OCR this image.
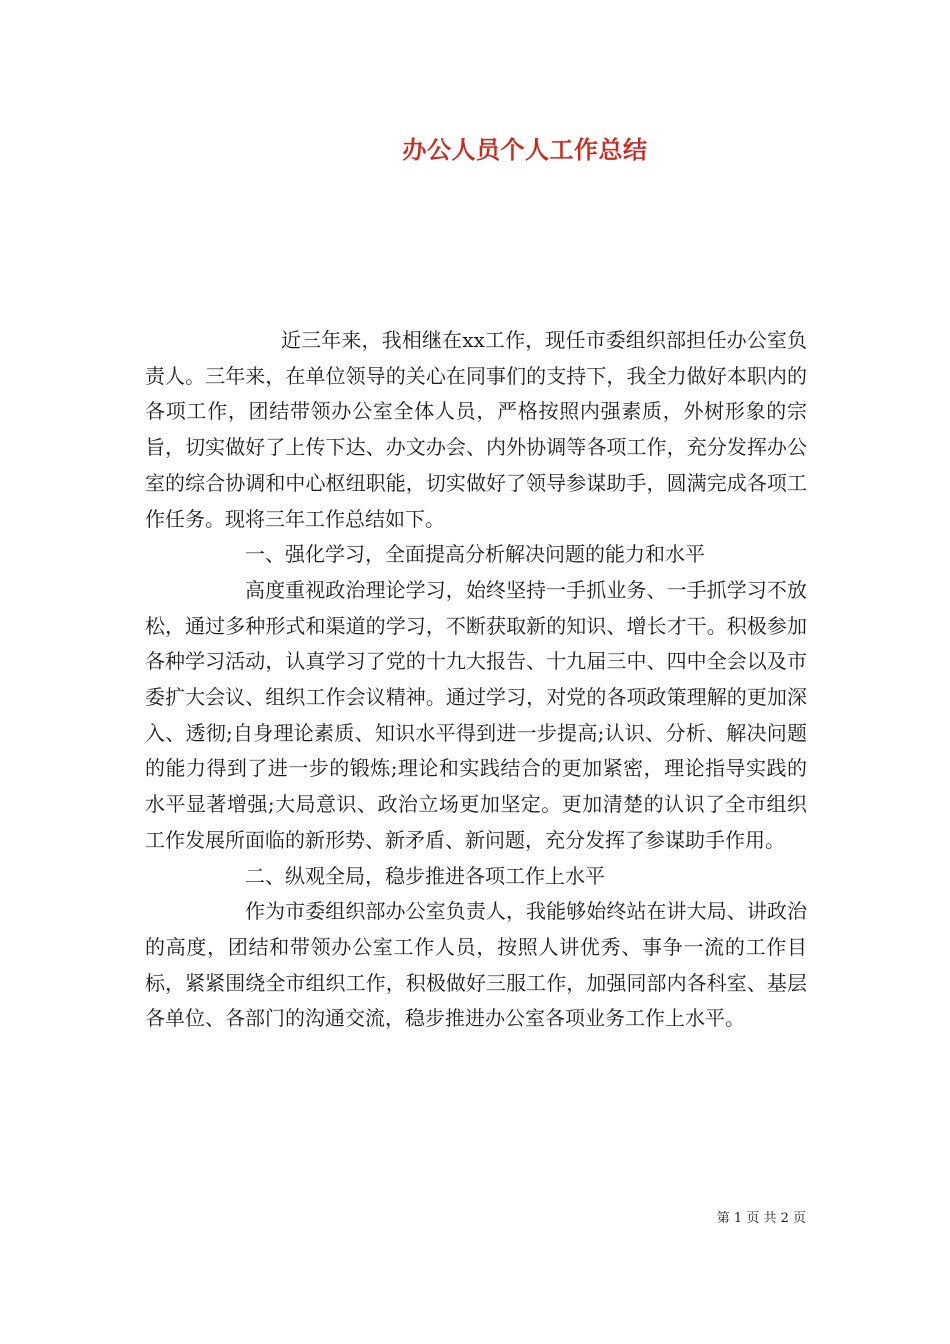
办公人员个人工作总结

近三年来，我相继在xx工作，现任市委组织部担任办公室负责人。三年来，在单位领导的关心在同事们的支持下，我全力做好本职内的各项工作，团结带领办公室全体人员，严格按照内强素质，外树形象的宗旨，切实做好了上传下达、办文办会、内外协调等各项工作，充分发挥办公室的综合协调和中心枢纽职能，切实做好了领导参谋助手，圆满完成各项工作任务。现将三年工作总结如下。

一、强化学习，全面提高分析解决问题的能力和水平

高度重视政治理论学习，始终坚持一手抓业务、一手抓学习不放松，通过多种形式和渠道的学习，不断获取新的知识、增长才干。积极参加各种学习活动，认真学习了党的十九大报告、十九届三中、四中全会以及市委扩大会议、组织工作会议精神。通过学习，对党的各项政策理解的更加深入、透彻;自身理论素质、知识水平得到进一步提高;认识、分析、解决问题的能力得到了进一步的锻炼;理论和实践结合的更加紧密，理论指导实践的水平显著增强;大局意识、政治立场更加坚定。更加清楚的认识了全市组织工作发展所面临的新形势、新矛盾、新问题，充分发挥了参谋助手作用。

二、纵观全局，稳步推进各项工作上水平

作为市委组织部办公室负责人，我能够始终站在讲大局、讲政治的高度，团结和带领办公室工作人员，按照人讲优秀、事争一流的工作目标，紧紧围绕全市组织工作，积极做好三服工作，加强同部内各科室、基层各单位、各部门的沟通交流，稳步推进办公室各项业务工作上水平。

第 1 页 共 2 页
